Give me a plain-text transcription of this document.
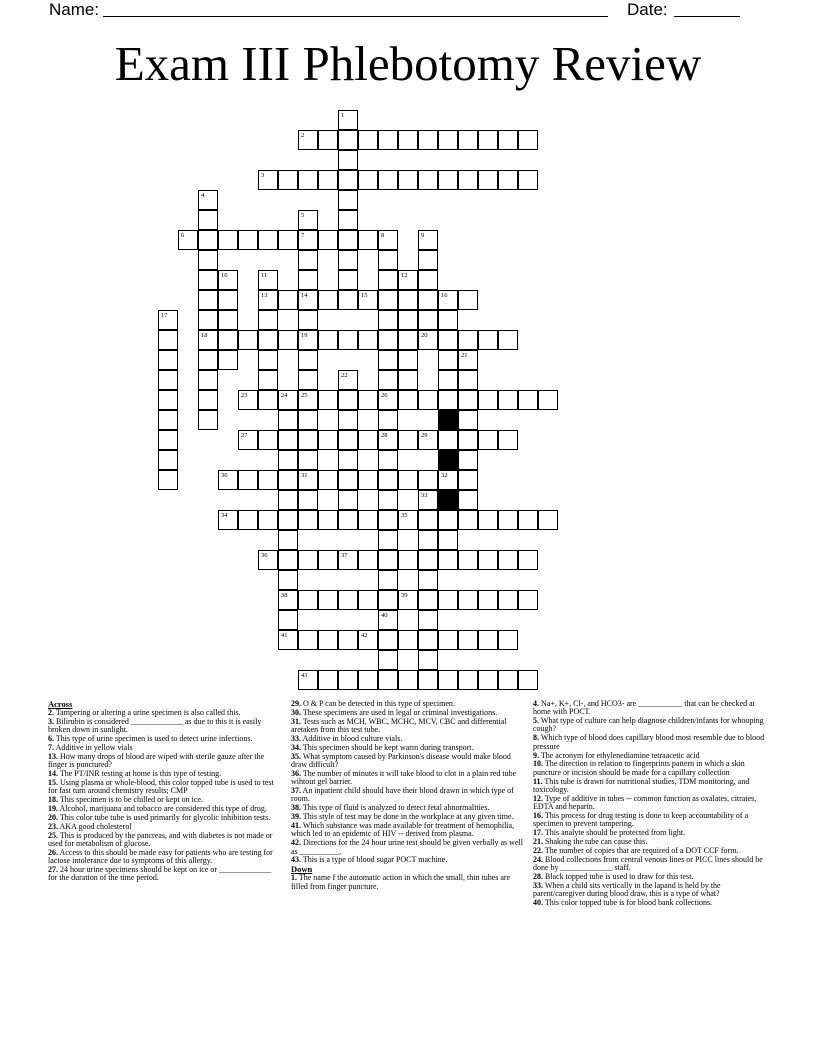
Name:	Date:
Exam III Phlebotomy Review
2
3
6	7
13	14	15	16
18	19	20
23	24 25	26
27	28	29
30	31	32
34	35
36	37
38	39
41	42
43
1
4
5
8	9
10	11	12
17
21
22
40
33
Across
2. Tampering or altering a urine specimen is also called this.
3. Bilirubin is considered _____________ as due to this it is easily broken down in sunlight.
6. This type of urine specimen is used to detect urine infections.
7. Additive in yellow vials
13. How many drops of blood are wiped with sterile gauze after the finger is punctured?
14. The PT/INR testing at home is this type of testing.
15. Using plasma or whole-blood, this color topped tube is used to test for fast turn around chemistry results; CMP
18. This specimen is to be chilled or kept on ice.
19. Alcohol, marijuana and tobacco are considered this type of drug.
20. This color tube tube is used primarily for glycolic inhibition tests.
23. AKA good cholesterol
25. This is produced by the pancreas, and with diabetes is not made or used for metabolism of glucose.
26. Access to this should be made easy for patients who are testing for lactose intolerance due to symptoms of this allergy.
27. 24 hour urine specimens should be kept on ice or _____________ for the duration of the time period.
29. O & P can be detected in this type of specimen.
30. These specimens are used in legal or criminal investigations.
31. Tests such as MCH, WBC, MCHC, MCV, CBC and differential aretaken from this test tube.
33. Additive in blood culture vials.
34. This specimen should be kept warm during transport.
35. What symptom caused by Parkinson's disease would make blood draw difficult?
36. The number of minutes it will take blood to clot in a plain red tube wihtout gel barrier.
37. An inpatient child should have their blood drawn in which type of room.
38. This type of fluid is analyzed to detect fetal abnormalities.
39. This style of test may be done in the workplace at any given time.
41. Which substance was made available for treatment of hemophilia, which led to an epidemic of HIV -- derived from plasma.
42. Directions for the 24 hour urine test should be given verbally as well as __________.
43. This is a type of blood sugar POCT machine.
Down
1. The name f the automatic action in which the small, thin tubes are filled from finger puncture.
4. Na+, K+, Cl-, and HCO3- are ___________ that can be checked at home with POCT.
5. What type of culture can help diagnose children/infants for whooping cough?
8. Which type of blood does capillary blood most resemble due to blood pressure
9. The acronym for ethylenediamine tetraacetic acid
10. The direction in relation to fingerprints pattern in which a skin puncture or incision should be made for a capillary collection
11. This tube is drawn for nutritional studies, TDM monitoring, and toxicology.
12. Type of additive in tubes -- common function as oxalates, citrates, EDTA and heparin.
16. This process for drug testing is done to keep accountability of a specimen to prevent tampering.
17. This analyte should be protected from light.
21. Shaking the tube can cause this.
22. The number of copies that are required of a DOT CCF form.
24. Blood collections from central venous lines or PICC lines should be done by _____________ staff.
28. Black topped tube is used to draw for this test.
33. When a child sits vertically in the lapand is held by the parent/caregiver during blood draw, this is a type of what?
40. This color topped tube is for blood bank collections.
